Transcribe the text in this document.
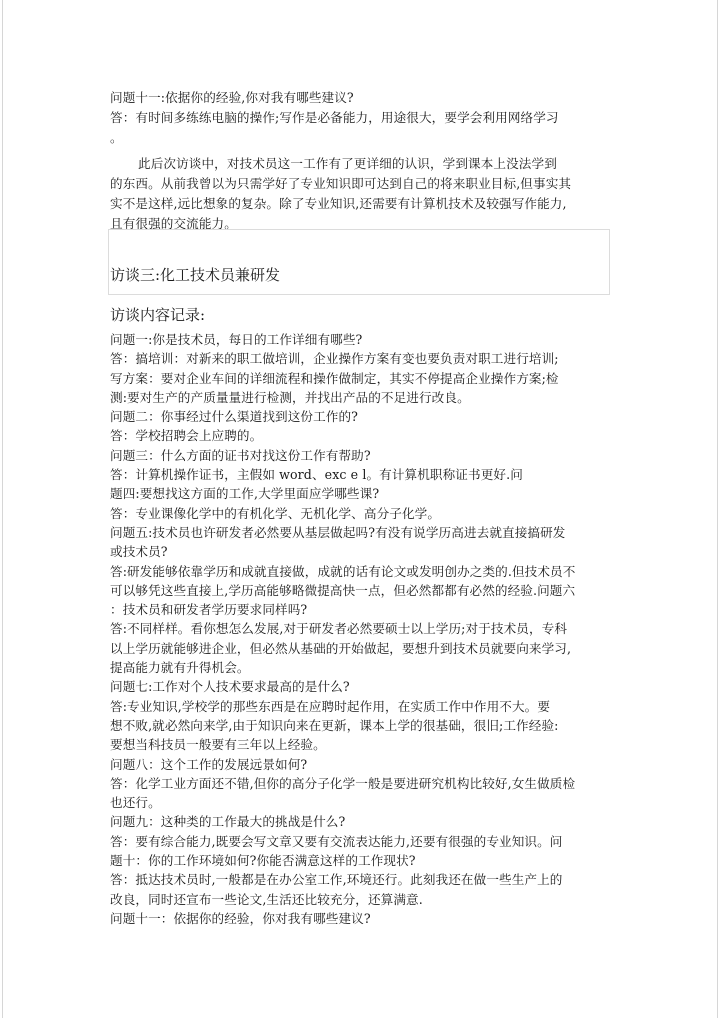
问题十一:依据你的经验,你对我有哪些建议?
答：有时间多练练电脑的操作;写作是必备能力，用途很大，要学会利用网络学习
。
此后次访谈中，对技术员这一工作有了更详细的认识，学到课本上没法学到
的东西。从前我曾以为只需学好了专业知识即可达到自己的将来职业目标,但事实其
实不是这样,远比想象的复杂。除了专业知识,还需要有计算机技术及较强写作能力,
且有很强的交流能力。
访谈三:化工技术员兼研发
访谈内容记录:
问题一:你是技术员，每日的工作详细有哪些?
答：搞培训：对新来的职工做培训，企业操作方案有变也要负责对职工进行培训;
写方案：要对企业车间的详细流程和操作做制定，其实不停提高企业操作方案;检
测:要对生产的产质量量进行检测，并找出产品的不足进行改良。
问题二：你事经过什么渠道找到这份工作的?
答：学校招聘会上应聘的。
问题三：什么方面的证书对找这份工作有帮助?
答：计算机操作证书，主假如 word、exc e l。有计算机职称证书更好.问
题四:要想找这方面的工作,大学里面应学哪些课?
答：专业课像化学中的有机化学、无机化学、高分子化学。
问题五:技术员也许研发者必然要从基层做起吗?有没有说学历高进去就直接搞研发
或技术员?
答:研发能够依靠学历和成就直接做，成就的话有论文或发明创办之类的.但技术员不
可以够凭这些直接上,学历高能够略微提高快一点，但必然都都有必然的经验.问题六
：技术员和研发者学历要求同样吗?
答:不同样样。看你想怎么发展,对于研发者必然要硕士以上学历;对于技术员，专科
以上学历就能够进企业，但必然从基础的开始做起，要想升到技术员就要向来学习,
提高能力就有升得机会。
问题七:工作对个人技术要求最高的是什么?
答:专业知识,学校学的那些东西是在应聘时起作用，在实质工作中作用不大。要
想不败,就必然向来学,由于知识向来在更新，课本上学的很基础，很旧;工作经验:
要想当科技员一般要有三年以上经验。
问题八：这个工作的发展远景如何?
答：化学工业方面还不错,但你的高分子化学一般是要进研究机构比较好,女生做质检
也还行。
问题九：这种类的工作最大的挑战是什么?
答：要有综合能力,既要会写文章又要有交流表达能力,还要有很强的专业知识。问
题十：你的工作环境如何?你能否满意这样的工作现状?
答：抵达技术员时,一般都是在办公室工作,环境还行。此刻我还在做一些生产上的
改良，同时还宣布一些论文,生活还比较充分，还算满意.
问题十一：依据你的经验，你对我有哪些建议?
